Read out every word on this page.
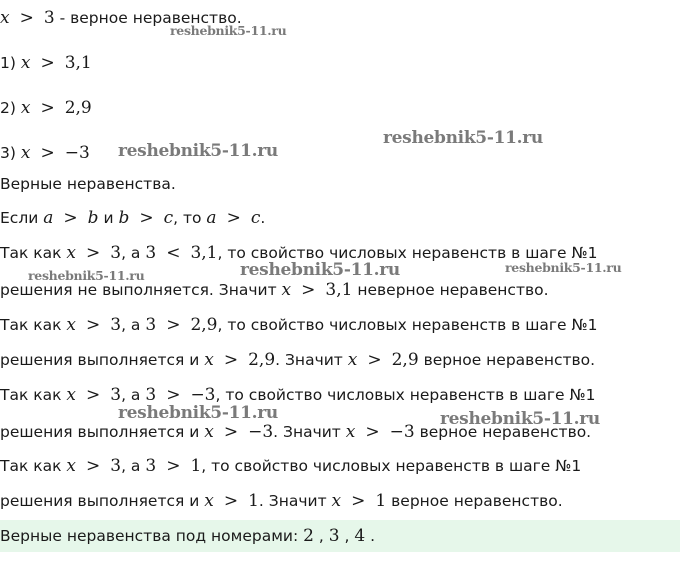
x > 3 - верное неравенство.
1) x > 3,1
2) x > 2,9
3) x > −3
Верные неравенства.
Если a > b и b > c, то a > c.
Так как x > 3, а 3 < 3,1, то свойство числовых неравенств в шаге №1
решения не выполняется. Значит x > 3,1 неверное неравенство.
Так как x > 3, а 3 > 2,9, то свойство числовых неравенств в шаге №1
решения выполняется и x > 2,9. Значит x > 2,9 верное неравенство.
Так как x > 3, а 3 > −3, то свойство числовых неравенств в шаге №1
решения выполняется и x > −3. Значит x > −3 верное неравенство.
Так как x > 3, а 3 > 1, то свойство числовых неравенств в шаге №1
решения выполняется и x > 1. Значит x > 1 верное неравенство.
Верные неравенства под номерами: 2 , 3 , 4 .
reshebnik5-11.ru
reshebnik5-11.ru
reshebnik5-11.ru
reshebnik5-11.ru	reshebnik5-11.ru	reshebnik5-11.ru
reshebnik5-11.ru	reshebnik5-11.ru
